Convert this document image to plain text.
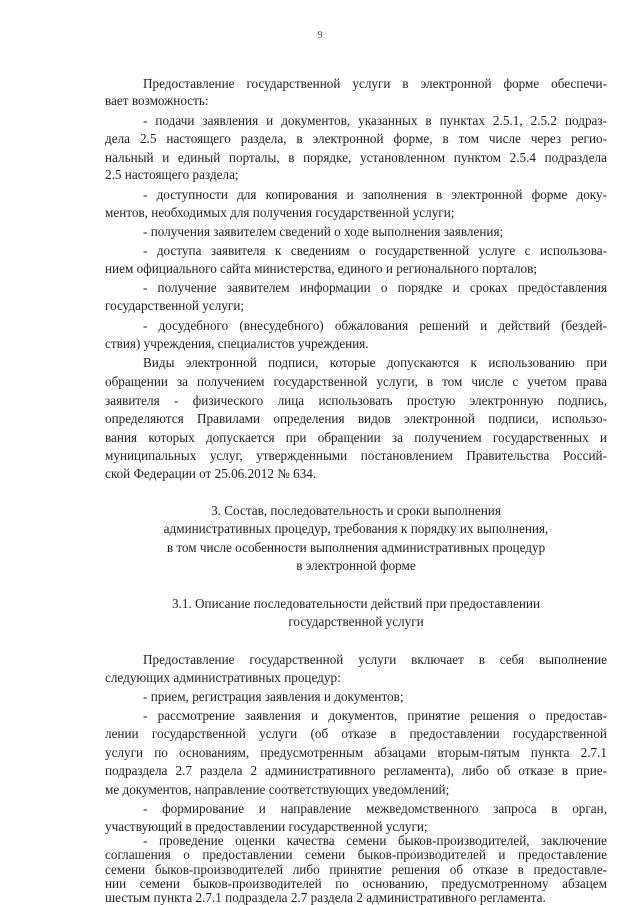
9
Предоставление государственной услуги в электронной форме обеспечи-
вает возможность:
- подачи заявления и документов, указанных в пунктах 2.5.1, 2.5.2 подраз-
дела 2.5 настоящего раздела, в электронной форме, в том числе через регио-
нальный и единый порталы, в порядке, установленном пунктом 2.5.4 подраздела
2.5 настоящего раздела;
- доступности для копирования и заполнения в электронной форме доку-
ментов, необходимых для получения государственной услуги;
- получения заявителем сведений о ходе выполнения заявления;
- доступа заявителя к сведениям о государственной услуге с использова-
нием официального сайта министерства, единого и регионального порталов;
- получение заявителем информации о порядке и сроках предоставления
государственной услуги;
- досудебного (внесудебного) обжалования решений и действий (бездей-
ствия) учреждения, специалистов учреждения.
Виды электронной подписи, которые допускаются к использованию при
обращении за получением государственной услуги, в том числе с учетом права
заявителя - физического лица использовать простую электронную подпись,
определяются Правилами определения видов электронной подписи, использо-
вания которых допускается при обращении за получением государственных и
муниципальных услуг, утвержденными постановлением Правительства Россий-
ской Федерации от 25.06.2012 № 634.
3. Состав, последовательность и сроки выполнения
административных процедур, требования к порядку их выполнения,
в том числе особенности выполнения административных процедур
в электронной форме
3.1. Описание последовательности действий при предоставлении
государственной услуги
Предоставление государственной услуги включает в себя выполнение
следующих административных процедур:
- прием, регистрация заявления и документов;
- рассмотрение заявления и документов, принятие решения о предостав-
лении государственной услуги (об отказе в предоставлении государственной
услуги по основаниям, предусмотренным абзацами вторым-пятым пункта 2.7.1
подраздела 2.7 раздела 2 административного регламента), либо об отказе в прие-
ме документов, направление соответствующих уведомлений;
- формирование и направление межведомственного запроса в орган,
участвующий в предоставлении государственной услуги;
- проведение оценки качества семени быков-производителей, заключение
соглашения о предоставлении семени быков-производителей и предоставление
семени быков-производителей либо принятие решения об отказе в предоставле-
нии семени быков-производителей по основанию, предусмотренному абзацем
шестым пункта 2.7.1 подраздела 2.7 раздела 2 административного регламента.
